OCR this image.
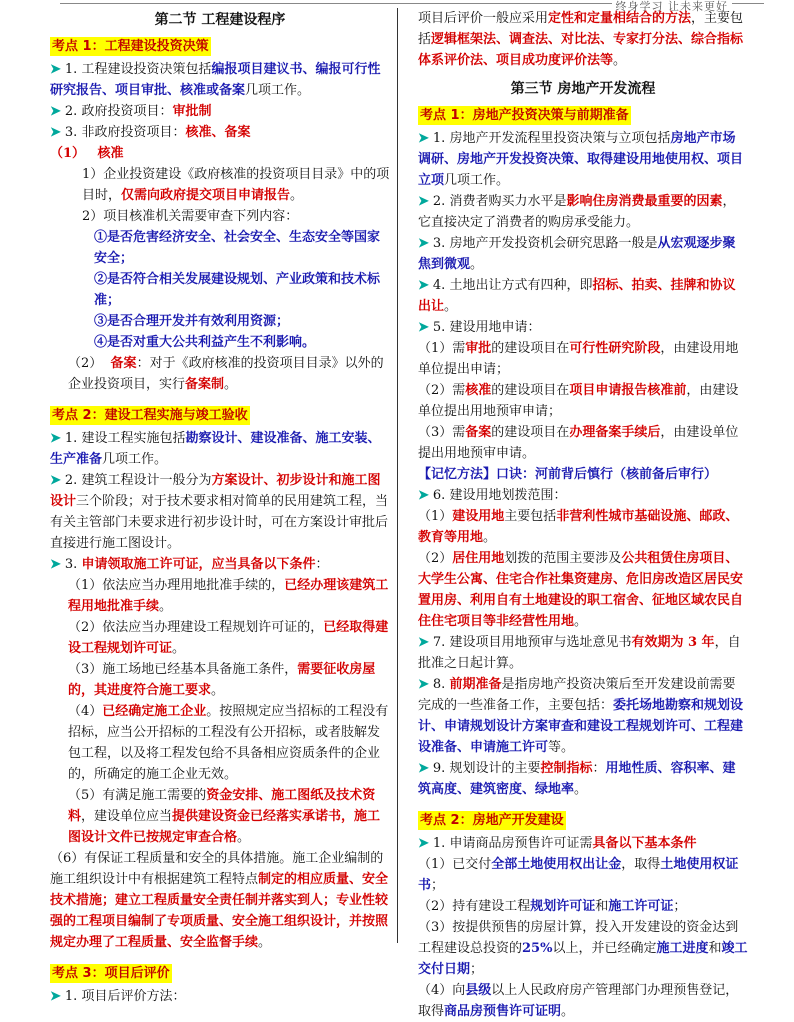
终身学习 让未来更好

第二节 工程建设程序

考点 1：工程建设投资决策

➤ 1. 工程建设投资决策包括编报项目建议书、编报可行性研究报告、项目审批、核准或备案几项工作。

➤ 2. 政府投资项目：审批制

➤ 3. 非政府投资项目：核准、备案

（1） 核准

1）企业投资建设《政府核准的投资项目目录》中的项目时，仅需向政府提交项目申请报告。

2）项目核准机关需要审查下列内容：

①是否危害经济安全、社会安全、生态安全等国家安全；

②是否符合相关发展建设规划、产业政策和技术标准；

③是否合理开发并有效利用资源；

④是否对重大公共利益产生不利影响。

（2） 备案：对于《政府核准的投资项目目录》以外的企业投资项目，实行备案制。

考点 2：建设工程实施与竣工验收

➤ 1. 建设工程实施包括勘察设计、建设准备、施工安装、生产准备几项工作。

➤ 2. 建筑工程设计一般分为方案设计、初步设计和施工图设计三个阶段；对于技术要求相对简单的民用建筑工程，当有关主管部门未要求进行初步设计时，可在方案设计审批后直接进行施工图设计。

➤ 3. 申请领取施工许可证，应当具备以下条件：

（1）依法应当办理用地批准手续的，已经办理该建筑工程用地批准手续。

（2）依法应当办理建设工程规划许可证的，已经取得建设工程规划许可证。

（3）施工场地已经基本具备施工条件，需要征收房屋的，其进度符合施工要求。

（4）已经确定施工企业。按照规定应当招标的工程没有招标，应当公开招标的工程没有公开招标，或者肢解发包工程，以及将工程发包给不具备相应资质条件的企业的，所确定的施工企业无效。

（5）有满足施工需要的资金安排、施工图纸及技术资料，建设单位应当提供建设资金已经落实承诺书，施工图设计文件已按规定审查合格。

（6）有保证工程质量和安全的具体措施。施工企业编制的施工组织设计中有根据建筑工程特点制定的相应质量、安全技术措施；建立工程质量安全责任制并落实到人；专业性较强的工程项目编制了专项质量、安全施工组织设计，并按照规定办理了工程质量、安全监督手续。

考点 3：项目后评价

➤ 1. 项目后评价方法：

项目后评价一般应采用定性和定量相结合的方法，主要包括逻辑框架法、调查法、对比法、专家打分法、综合指标体系评价法、项目成功度评价法等。

第三节 房地产开发流程

考点 1：房地产投资决策与前期准备

➤ 1. 房地产开发流程里投资决策与立项包括房地产市场调研、房地产开发投资决策、取得建设用地使用权、项目立项几项工作。

➤ 2. 消费者购买力水平是影响住房消费最重要的因素，它直接决定了消费者的购房承受能力。

➤ 3. 房地产开发投资机会研究思路一般是从宏观逐步聚焦到微观。

➤ 4. 土地出让方式有四种，即招标、拍卖、挂牌和协议出让。

➤ 5. 建设用地申请：

（1）需审批的建设项目在可行性研究阶段，由建设用地单位提出申请；

（2）需核准的建设项目在项目申请报告核准前，由建设单位提出用地预审申请；

（3）需备案的建设项目在办理备案手续后，由建设单位提出用地预审申请。

【记忆方法】口诀：河前背后慎行（核前备后审行）

➤ 6. 建设用地划拨范围：

（1）建设用地主要包括非营利性城市基础设施、邮政、教育等用地。

（2）居住用地划拨的范围主要涉及公共租赁住房项目、大学生公寓、住宅合作社集资建房、危旧房改造区居民安置用房、利用自有土地建设的职工宿舍、征地区域农民自住住宅项目等非经营性用地。

➤ 7. 建设项目用地预审与选址意见书有效期为 3 年，自批准之日起计算。

➤ 8. 前期准备是指房地产投资决策后至开发建设前需要完成的一些准备工作，主要包括：委托场地勘察和规划设计、申请规划设计方案审查和建设工程规划许可、工程建设准备、申请施工许可等。

➤ 9. 规划设计的主要控制指标：用地性质、容积率、建筑高度、建筑密度、绿地率。

考点 2：房地产开发建设

➤ 1. 申请商品房预售许可证需具备以下基本条件

（1）已交付全部土地使用权出让金，取得土地使用权证书；

（2）持有建设工程规划许可证和施工许可证；

（3）按提供预售的房屋计算，投入开发建设的资金达到工程建设总投资的25%以上，并已经确定施工进度和竣工交付日期；

（4）向县级以上人民政府房产管理部门办理预售登记，取得商品房预售许可证明。
